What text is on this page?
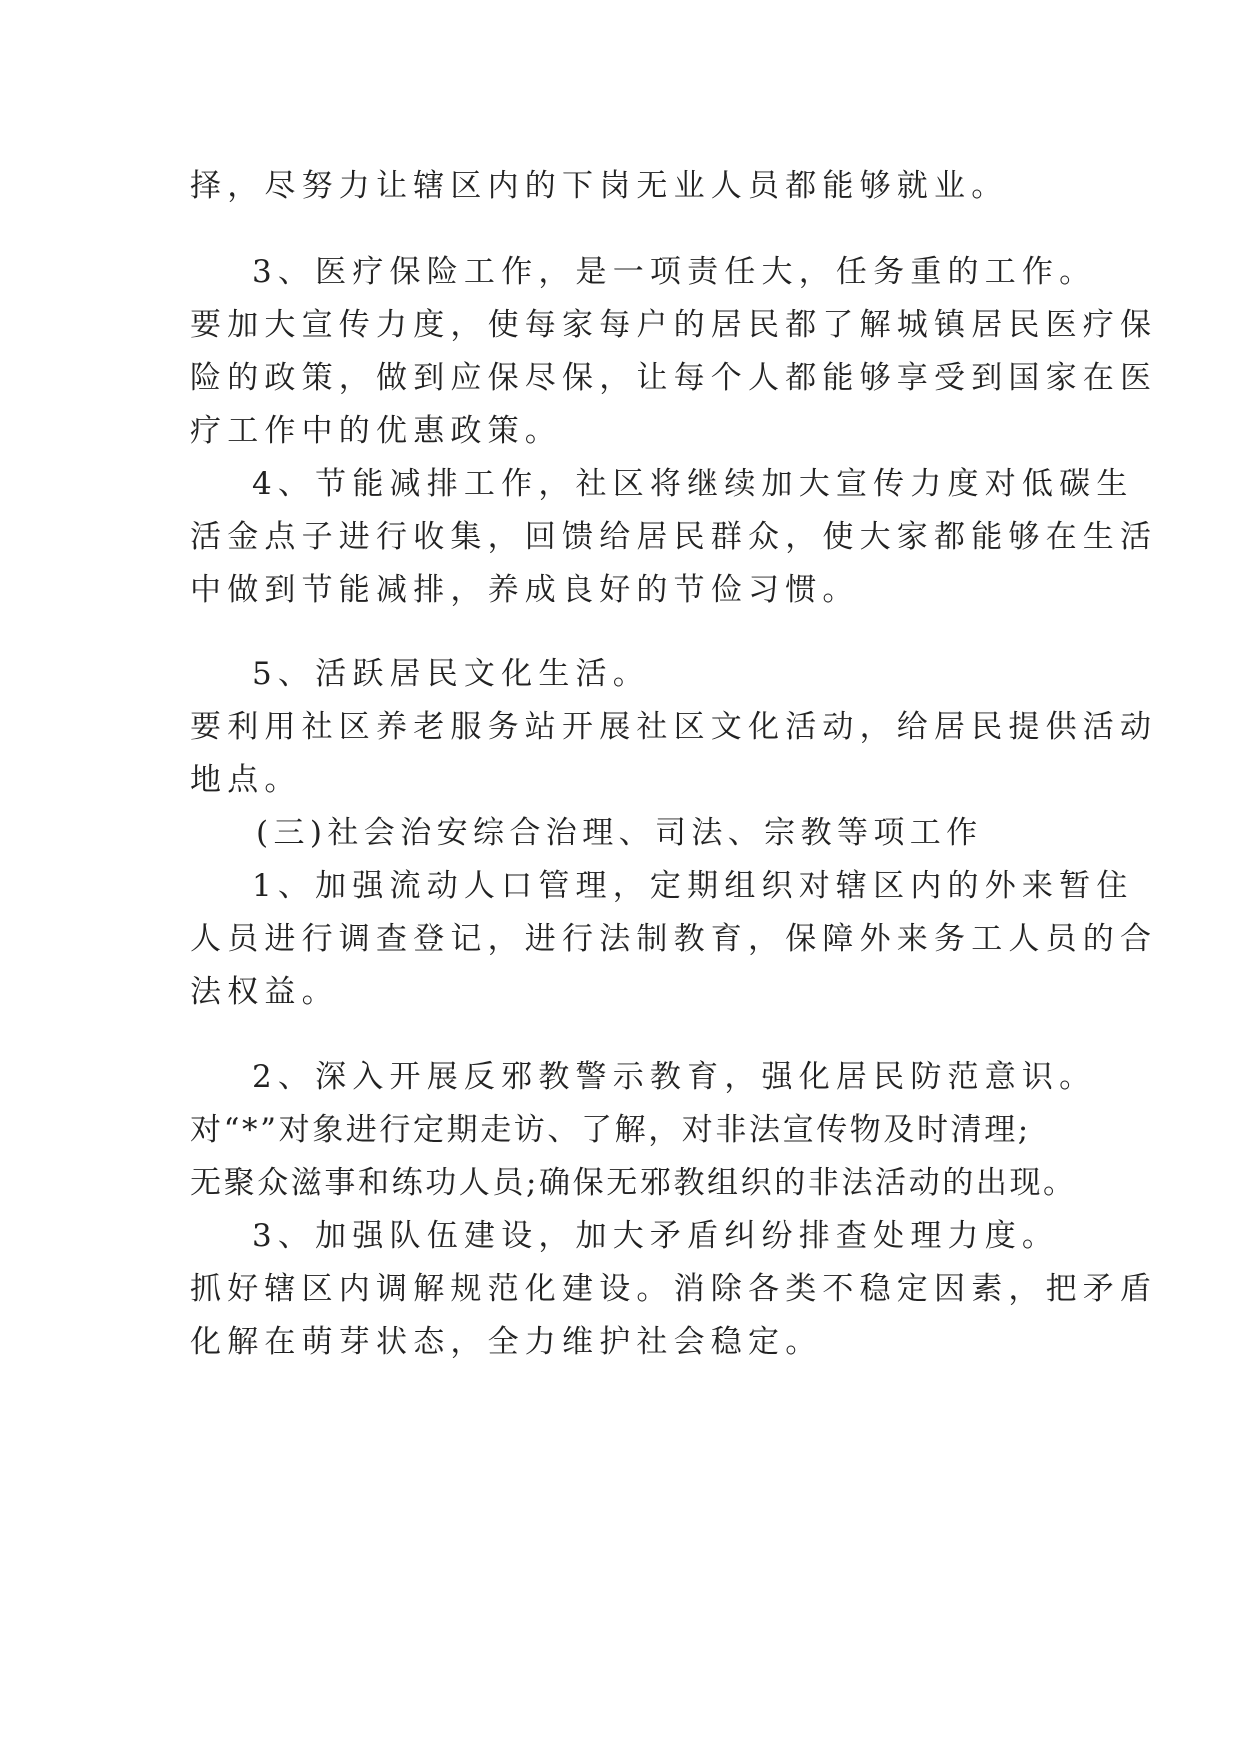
择，尽努力让辖区内的下岗无业人员都能够就业。

3、医疗保险工作，是一项责任大，任务重的工作。

要加大宣传力度，使每家每户的居民都了解城镇居民医疗保

险的政策，做到应保尽保，让每个人都能够享受到国家在医

疗工作中的优惠政策。

4、节能减排工作，社区将继续加大宣传力度对低碳生

活金点子进行收集，回馈给居民群众，使大家都能够在生活

中做到节能减排，养成良好的节俭习惯。

5、活跃居民文化生活。

要利用社区养老服务站开展社区文化活动，给居民提供活动

地点。

(三)社会治安综合治理、司法、宗教等项工作

1、加强流动人口管理，定期组织对辖区内的外来暂住

人员进行调查登记，进行法制教育，保障外来务工人员的合

法权益。

2、深入开展反邪教警示教育，强化居民防范意识。

对“*”对象进行定期走访、了解，对非法宣传物及时清理;

无聚众滋事和练功人员;确保无邪教组织的非法活动的出现。

3、加强队伍建设，加大矛盾纠纷排查处理力度。

抓好辖区内调解规范化建设。消除各类不稳定因素，把矛盾

化解在萌芽状态，全力维护社会稳定。
